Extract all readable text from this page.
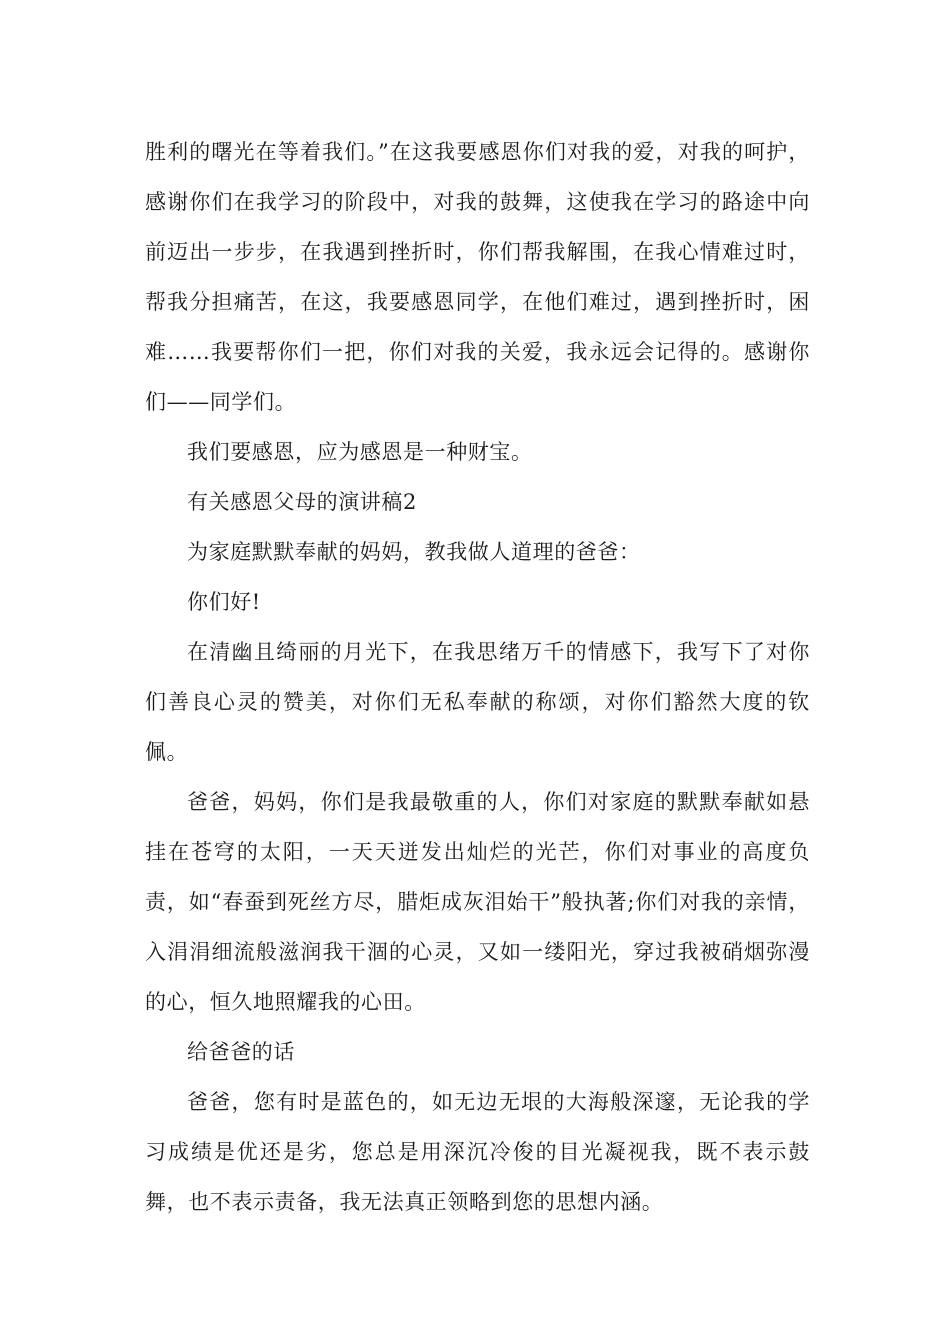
胜利的曙光在等着我们。”在这我要感恩你们对我的爱，对我的呵护，感谢你们在我学习的阶段中，对我的鼓舞，这使我在学习的路途中向前迈出一步步，在我遇到挫折时，你们帮我解围，在我心情难过时，帮我分担痛苦，在这，我要感恩同学，在他们难过，遇到挫折时，困难……我要帮你们一把，你们对我的关爱，我永远会记得的。感谢你们——同学们。

我们要感恩，应为感恩是一种财宝。

有关感恩父母的演讲稿2

为家庭默默奉献的妈妈，教我做人道理的爸爸：

你们好!

在清幽且绮丽的月光下，在我思绪万千的情感下，我写下了对你们善良心灵的赞美，对你们无私奉献的称颂，对你们豁然大度的钦佩。

爸爸，妈妈，你们是我最敬重的人，你们对家庭的默默奉献如悬挂在苍穹的太阳，一天天迸发出灿烂的光芒，你们对事业的高度负责，如“春蚕到死丝方尽，腊炬成灰泪始干”般执著;你们对我的亲情，入涓涓细流般滋润我干涸的心灵，又如一缕阳光，穿过我被硝烟弥漫的心，恒久地照耀我的心田。

给爸爸的话

爸爸，您有时是蓝色的，如无边无垠的大海般深邃，无论我的学习成绩是优还是劣，您总是用深沉冷俊的目光凝视我，既不表示鼓舞，也不表示责备，我无法真正领略到您的思想内涵。
